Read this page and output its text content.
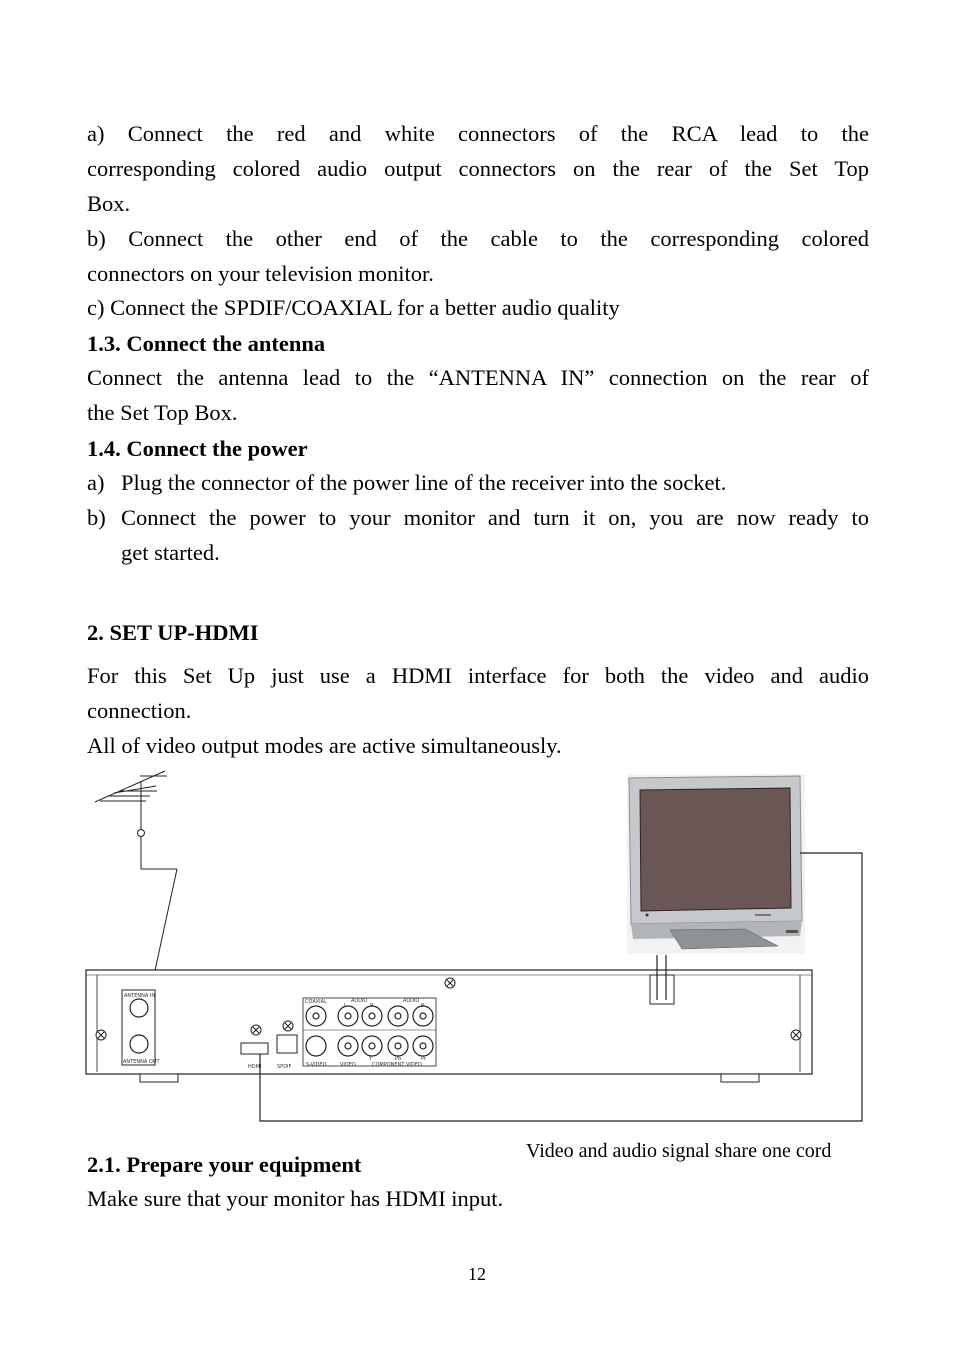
a) Connect the red and white connectors of the RCA lead to the
corresponding colored audio output connectors on the rear of the Set Top
Box.
b) Connect the other end of the cable to the corresponding colored
connectors on your television monitor.
c) Connect the SPDIF/COAXIAL for a better audio quality
1.3. Connect the antenna
Connect the antenna lead to the “ANTENNA IN” connection on the rear of
the Set Top Box.
1.4. Connect the power
a) Plug the connector of the power line of the receiver into the socket.
b) Connect the power to your monitor and turn it on, you are now ready to
get started.
2. SET UP-HDMI
For this Set Up just use a HDMI interface for both the video and audio
connection.
All of video output modes are active simultaneously.
ANTENNA IN
ANTENNA OUT
HDMI	SPDIF
COAXIAL	AUDIO	AUDIO
L	R	R
S-VIDEO	VIDEO
Y	Pb	Pr
COMPONENT VIDEO
Video and audio signal share one cord
2.1. Prepare your equipment
Make sure that your monitor has HDMI input.
12
